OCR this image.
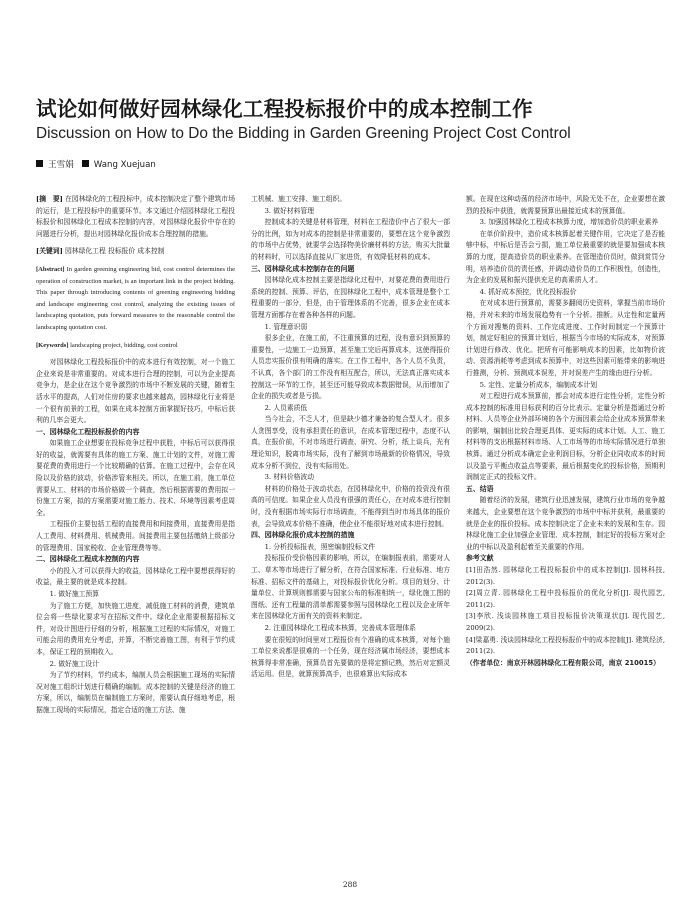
试论如何做好园林绿化工程投标报价中的成本控制工作
Discussion on How to Do the Bidding in Garden Greening Project Cost Control
王雪娟 Wang Xuejuan

[摘　要] 在园林绿化的工程投标中，成本控制决定了整个建筑市场的运行，是工程投标中的重要环节。本文通过介绍园林绿化工程投标报价和园林绿化工程成本控制的内容，对园林绿化报价中存在的问题进行分析，提出对园林绿化报价成本合理控制的措施。

[关键词] 园林绿化工程 投标报价 成本控制

[Abstract] In garden greening engineering bid, cost control determines the operation of construction market, is an important link in the project bidding. This paper through introducing contents of greening engineering bidding and landscape engineering cost control, analyzing the existing issues of landscaping quotation, puts forward measures to the reasonable control the landscaping quotation cost.

[Keywords] landscaping project, bidding, cost control

对园林绿化工程投标报价中的成本进行有效控制，对一个施工企业来说是非常重要的。对成本进行合理的控制，可以为企业提高竞争力，是企业在这个竞争激烈的市场中不断发展的关键，随着生活水平的提高，人们对住房的要求也越来越高，园林绿化行业将是一个很有前景的工程，如果在成本控制方面掌握好技巧，中标后获利的几率会更大。

一、园林绿化工程投标报价的内容

如果施工企业想要在投标竞争过程中获胜，中标后可以获得很好的收益，就需要有具体的施工方案、施工计划的文件，对施工需要花费的费用进行一个比较精确的估算。在施工过程中，会存在风险以及价格的波动，价格涉管来相关。所以，在施工前，施工单位需要从工、材料的市场价格做一个调查，然后根据需要的费用拟一份施工方案，拟的方案需要对施工能力、技术、环境等因素考虑周全。

工程报价主要包括工程的直接费用和间接费用，直接费用是指人工费用、材料费用、机械费用。间接费用主要包括缴纳上级部分的管理费用、国家税收、企业管理费等等。

二、园林绿化工程成本控制的内容

小的投入才可以获得大的收益，园林绿化工程中要想获得好的收益，最主要的就是成本控制。

1. 做好施工预算

为了施工方便，加快施工进度，减低施工材料的消费，建筑单位会将一些绿化要求写在招标文件中。绿化企业需要根据招标文件，对设计图进行仔细的分析，根据施工过程的实际情况，对施工可能会用的费用充分考虑，并算，不断完善施工图，有利于节约成本，保证工程的预期收入。

2. 做好施工设计

为了节约材料，节约成本，编制人员会根据施工现场的实际情况对施工组织计划进行精确的编制。成本控制的关键是经济的施工方案，所以，编制员在编制施工方案时，需要认真仔细地考虑，根据施工现场的实际情况，指定合适的施工方法、施

工机械、施工安排、施工组织。

3. 做好材料管理

控制成本的关键是材料管理，材料在工程造价中占了很大一部分的比例，如为对成本的控制是非常重要的，要想在这个竞争激烈的市场中占优势，就要学会选择物美价廉材料的方法，购买大批量的材料时，可以选择直接从厂家进货，有效降低材料的成本。

三、园林绿化成本控制存在的问题

园林绿化成本控制主要是指绿化过程中，对要花费的费用进行系统的控制、预算、评估，在园林绿化工程中，成本管理是整个工程重要的一部分，但是，由于管理体系的不完善，很多企业在成本管理方面都存在着各种各样的问题。

1. 管理意识弱

很多企业，在施工前，不注重预算的过程，没有意识到预算的重要性，一边施工一边预算，甚至施工完后再算成本，这使得报价人员忠实报价很有明确的落实。在工作工程中，各个人员不负责，不认真，各个部门的工作没有相互配合，所以，无法真正落实成本控制这一环节的工作，甚至还可能导致成本数据错误，从而增加了企业的损失或者是亏损。

2. 人员素质低

当今社会，不乏人才，但是缺少德才兼备的复合型人才。很多人贪图享受，没有承担责任的意识，在成本管理过程中，态度不认真，在报价前，不对市场进行调查、研究、分析，纸上谈兵，光有理论知识，脱离市场实际，没有了解到市场最新的价格情况，导致成本分析不到位，没有实际用处。

3. 材料价格波动

材料的价格处于波动状态，在园林绿化中，价格的投资没有很高的可信度。如果企业人员没有很强的责任心，在对成本进行控制时，没有根据市场实际行市场调查，不能得到当时市场具体的报价表，会导致成本价格不准确，使企业不能很好地对成本进行控制。

四、园林绿化报价成本控制的措施

1. 分析投标报表，照密编制投标文件

投标报价受价格因素的影响，所以，在编制报表前，需要对人工、草木等市场进行了解分析，在符合国家标准、行业标准、地方标准、招标文件的基础上，对投标报价优化分析。项目的划分、计量单位、计算规则都需要与国家公布的标准相统一，绿化施工图的图纸、还有工程量的清单都需要参照与园林绿化工程以及企业所年来在园林绿化方面有关的资料来制定。

2. 注重园林绿化工程成本核算，完善成本管理体系

要在很短的时间里对工程报价有个准确的成本核算，对每个施工单位来说都是很难的一个任务，现在经济属市场经济，要想成本核算得非常准确，预算员首先要做的是将定额记熟，然后对定额灵活运用。但是，就算预算高手，也很难算出实际成本

额。在现在这种动荡的经济市场中，风险无处不在，企业要想在激烈的投标中获胜，就需要预算出最接近成本的预算值。

3. 加强园林绿化工程成本核算力度，增加造价员的职业素养

在单价阶段中，造价成本核算起着关键作用，它决定了是否能够中标，中标后是否会亏损，施工单位最重要的就是要加强成本核算的力度，提高造价员的职业素养。在管理造价员时，做到赏罚分明，培养造价员的责任感，并调动造价员的工作积极性，创造性，为企业的发展和振兴提供充足的高素质人才。

4. 抓好成本预控，优化投标报价

在对成本进行预算前，需要多翻阅历史资料，掌握当前市场价格，并对未来的市场发展趋势有一个分析。推断。从定性和定量两个方面对搜集的资料、工作完成进度、工作时间制定一个预算计划，制定好相应的预算计划后，根据当今市场的实际成本，对预算计划进行修改、优化。把所有可能影响成本的因素，比如物价波动、资源消耗等考虑到成本预算中，对这些因素可能带来的影响进行推测，分析、预测成本误差，并对误差产生的缘由进行分析。

5. 定性、定量分析成本，编制成本计划

对工程进行成本预算前，都会对成本进行定性分析，定性分析成本控制的标准用目标获利的百分比表示。定量分析是指通过分析材料、人员等企业外部环境的各个方面因素会给企业成本预算带来的影响，编制出比较合理更具体、更实际的成本计划。人工、施工材料等的支出根据材料市场、人工市场等的市场实际情况进行单独核算。通过分析成本确定企业利润目标，分析企业同收成本的时间以及盈亏平衡点收益点等要素，最后根据变化的投标价格，预期利润制定正式的投标文件。

五、结语

随着经济的发展，建筑行业迅速发展，建筑行业市场的竞争越来越大，企业要想在这个竞争激烈的市场中中标并获利，最重要的就是企业的报价投标。成本控制决定了企业未来的发展和生存。园林绿化施工企业加强企业管理、成本控制，制定好的投标方案对企业的中标以及盈利起着至关重要的作用。

参考文献

[1]田浩然. 园林绿化工程投标报价中的成本控制[J]. 园林科技, 2012(3).

[2]周立青. 园林绿化工程中投标报价的优化分析[J]. 现代园艺, 2011(2).

[3]李欣. 浅谈园林施工项目投标报价决策现状[J]. 现代园艺, 2009(2).

[4]梁嘉勇. 浅谈园林绿化工程投标报价中的成本控制[J]. 建筑经济, 2011(2).

（作者单位：南京开林园林绿化工程有限公司，南京 210015）

288
